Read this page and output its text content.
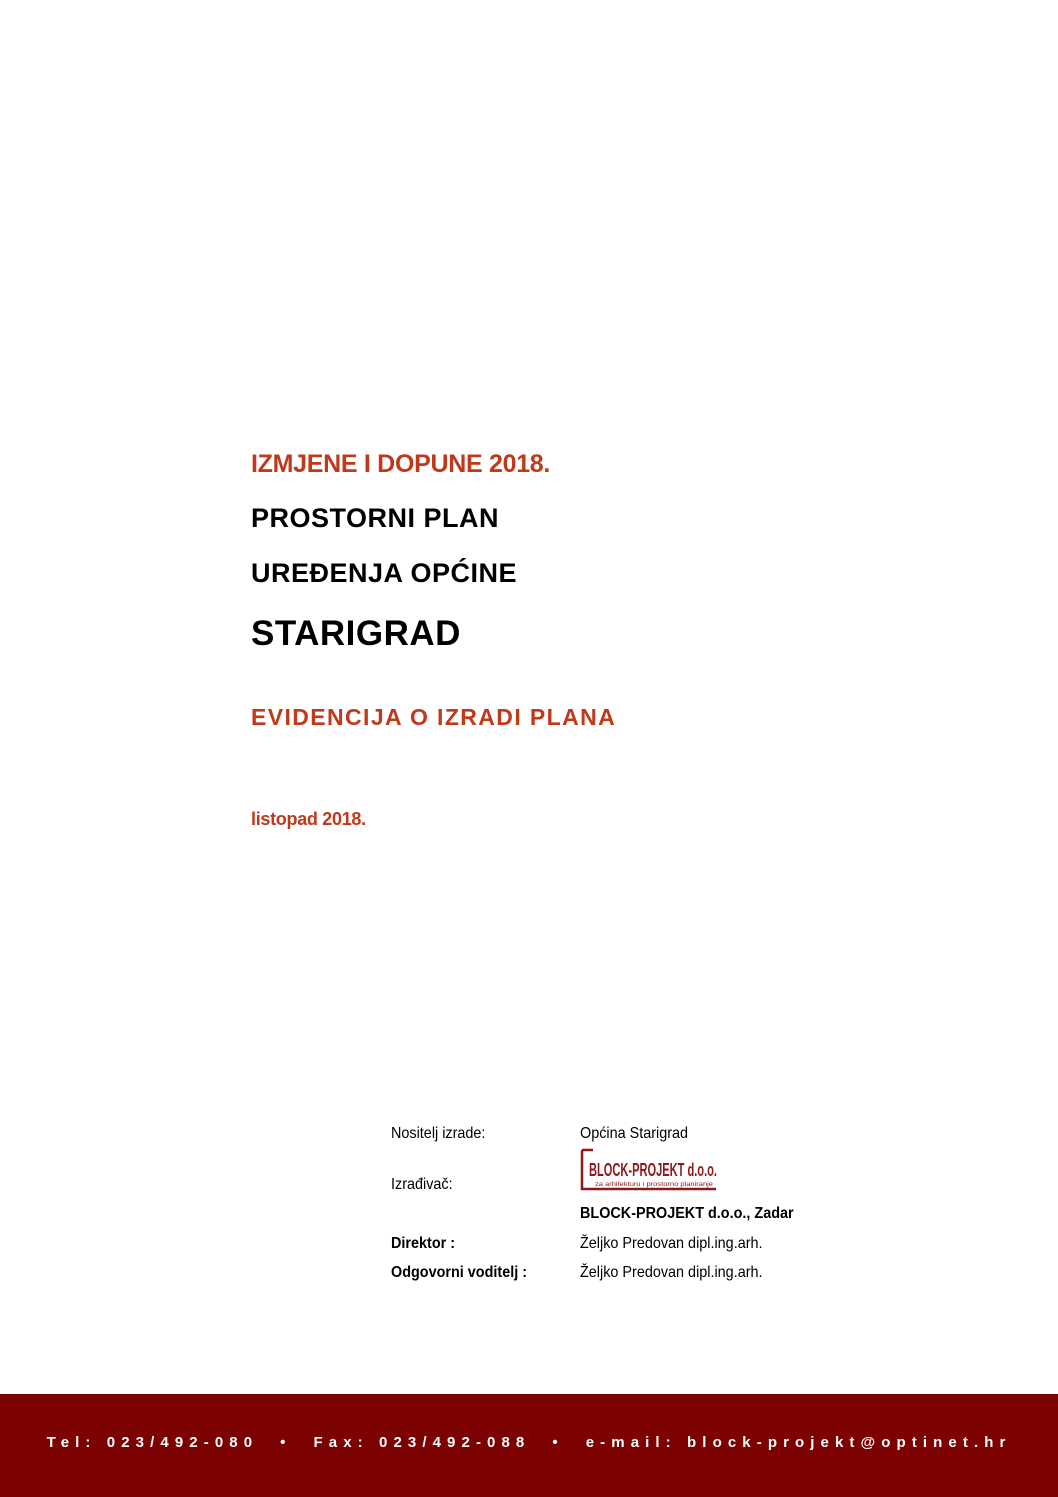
IZMJENE I DOPUNE 2018.
PROSTORNI PLAN
UREĐENJA OPĆINE
STARIGRAD
EVIDENCIJA O IZRADI PLANA
listopad 2018.
Nositelj izrade:	Općina Starigrad
Izrađivač:
BLOCK-PROJEKT d.o.o.
za arhitekturu i prostorno planiranje
BLOCK-PROJEKT d.o.o., Zadar
Direktor :	Željko Predovan dipl.ing.arh.
Odgovorni voditelj :	Željko Predovan dipl.ing.arh.
Tel: 023/492-080 • Fax: 023/492-088 • e-mail: block-projekt@optinet.hr
